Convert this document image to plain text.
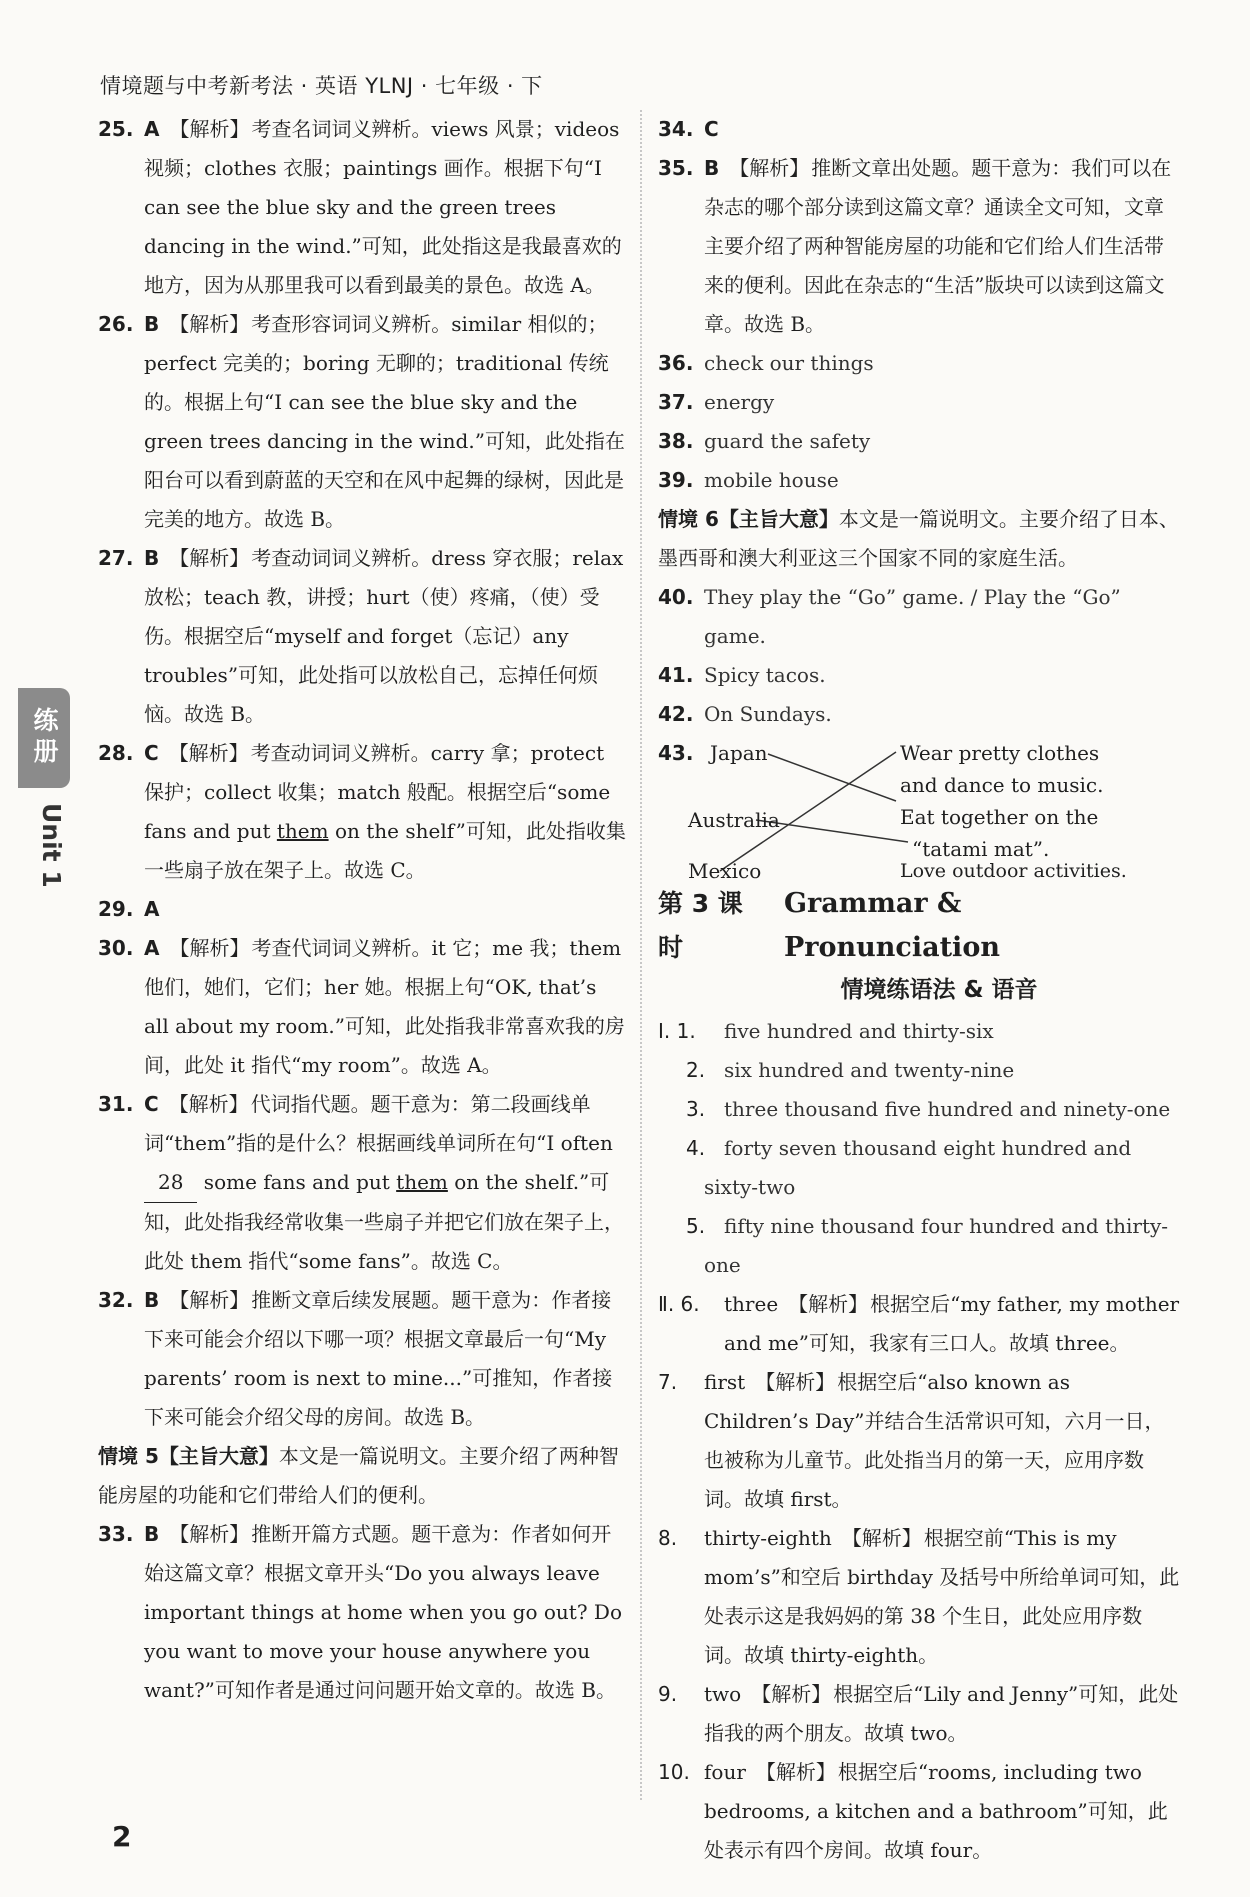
情境题与中考新考法 · 英语 YLNJ · 七年级 · 下
练册
Unit 1
25. A 【解析】 考查名词词义辨析。views 风景；videos 视频；clothes 衣服；paintings 画作。根据下句“I can see the blue sky and the green trees dancing in the wind.”可知，此处指这是我最喜欢的地方，因为从那里我可以看到最美的景色。故选 A。
26. B 【解析】 考查形容词词义辨析。similar 相似的；perfect 完美的；boring 无聊的；traditional 传统的。根据上句“I can see the blue sky and the green trees dancing in the wind.”可知，此处指在阳台可以看到蔚蓝的天空和在风中起舞的绿树，因此是完美的地方。故选 B。
27. B 【解析】 考查动词词义辨析。dress 穿衣服；relax 放松；teach 教，讲授；hurt（使）疼痛，（使）受伤。根据空后“myself and forget（忘记）any troubles”可知，此处指可以放松自己，忘掉任何烦恼。故选 B。
28. C 【解析】 考查动词词义辨析。carry 拿；protect 保护；collect 收集；match 般配。根据空后“some fans and put them on the shelf”可知，此处指收集一些扇子放在架子上。故选 C。
29. A
30. A 【解析】 考查代词词义辨析。it 它；me 我；them 他们，她们，它们；her 她。根据上句“OK, that’s all about my room.”可知，此处指我非常喜欢我的房间，此处 it 指代“my room”。故选 A。
31. C 【解析】 代词指代题。题干意为：第二段画线单词“them”指的是什么？根据画线单词所在句“I often 28 some fans and put them on the shelf.”可知，此处指我经常收集一些扇子并把它们放在架子上，此处 them 指代“some fans”。故选 C。
32. B 【解析】 推断文章后续发展题。题干意为：作者接下来可能会介绍以下哪一项？根据文章最后一句“My parents’ room is next to mine...”可推知，作者接下来可能会介绍父母的房间。故选 B。
情境 5【主旨大意】本文是一篇说明文。主要介绍了两种智能房屋的功能和它们带给人们的便利。
33. B 【解析】 推断开篇方式题。题干意为：作者如何开始这篇文章？根据文章开头“Do you always leave important things at home when you go out? Do you want to move your house anywhere you want?”可知作者是通过问问题开始文章的。故选 B。
34. C
35. B 【解析】 推断文章出处题。题干意为：我们可以在杂志的哪个部分读到这篇文章？通读全文可知，文章主要介绍了两种智能房屋的功能和它们给人们生活带来的便利。因此在杂志的“生活”版块可以读到这篇文章。故选 B。
36. check our things
37. energy
38. guard the safety
39. mobile house
情境 6【主旨大意】本文是一篇说明文。主要介绍了日本、墨西哥和澳大利亚这三个国家不同的家庭生活。
40. They play the “Go” game. / Play the “Go” game.
41. Spicy tacos.
42. On Sundays.
43. Japan
Australia
Mexico
Wear pretty clothes
and dance to music.
Eat together on the
“tatami mat”.
Love outdoor activities.
第 3 课时
Grammar & Pronunciation
情境练语法 & 语音
Ⅰ. 1. five hundred and thirty-six
2. six hundred and twenty-nine
3. three thousand five hundred and ninety-one
4. forty seven thousand eight hundred and sixty-two
5. fifty nine thousand four hundred and thirty-one
Ⅱ. 6. three 【解析】 根据空后“my father, my mother and me”可知，我家有三口人。故填 three。
7. first 【解析】 根据空后“also known as Children’s Day”并结合生活常识可知，六月一日，也被称为儿童节。此处指当月的第一天，应用序数词。故填 first。
8. thirty-eighth 【解析】 根据空前“This is my mom’s”和空后 birthday 及括号中所给单词可知，此处表示这是我妈妈的第 38 个生日，此处应用序数词。故填 thirty-eighth。
9. two 【解析】 根据空后“Lily and Jenny”可知，此处指我的两个朋友。故填 two。
10. four 【解析】 根据空后“rooms, including two bedrooms, a kitchen and a bathroom”可知，此处表示有四个房间。故填 four。
2
